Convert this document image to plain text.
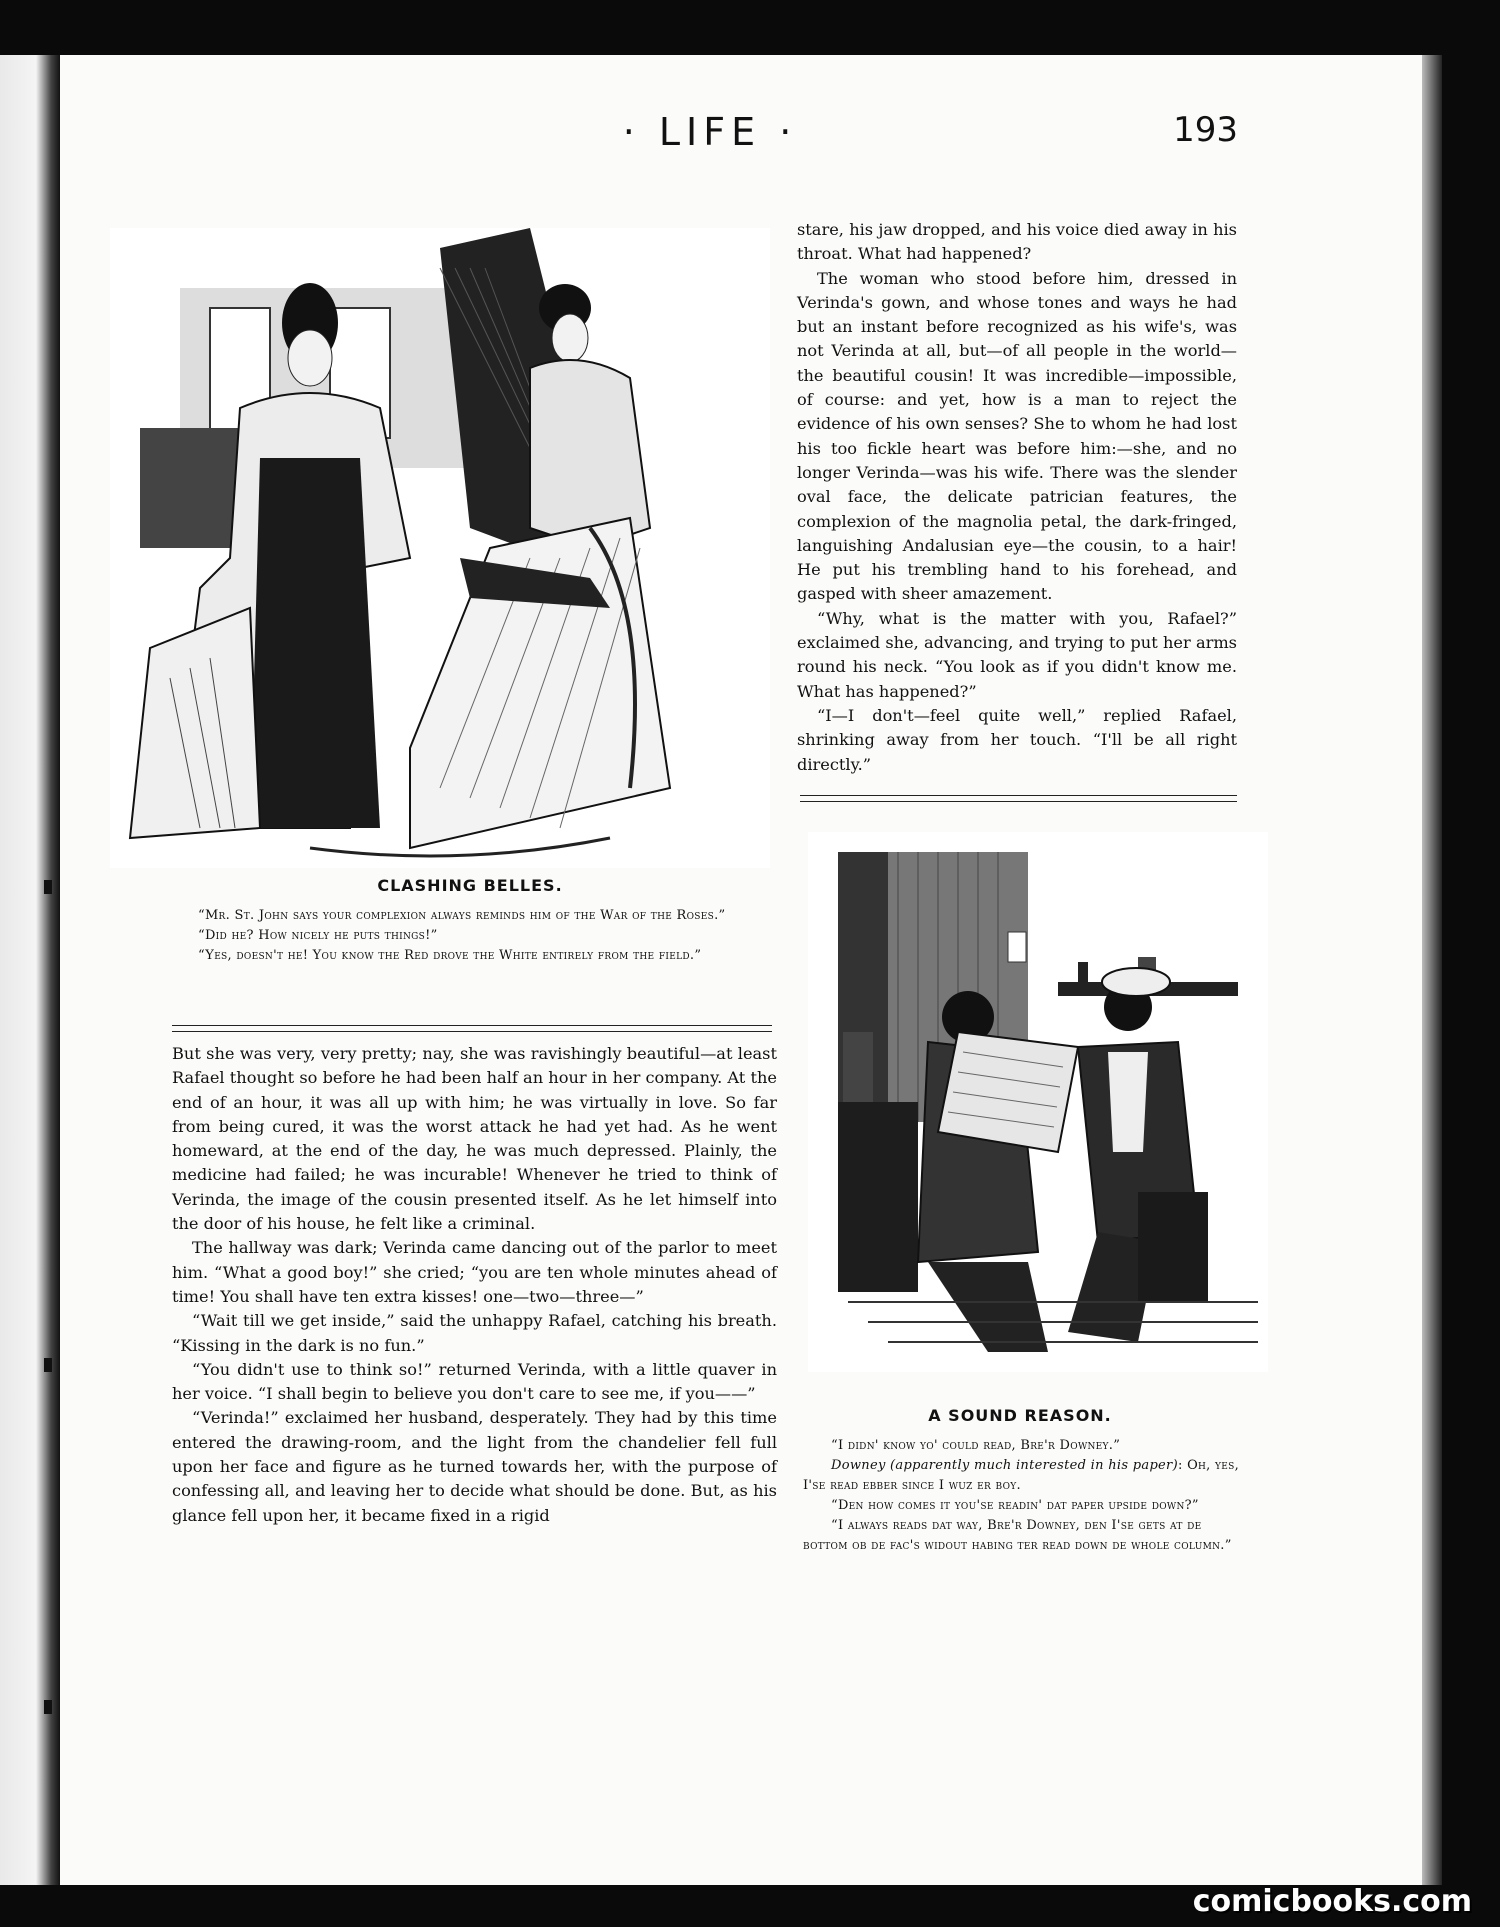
· LIFE ·	193
CLASHING BELLES.

“Mr. St. John says your complexion always reminds him of the War of the Roses.”

“Did he? How nicely he puts things!”

“Yes, doesn't he! You know the Red drove the White entirely from the field.”

But she was very, very pretty; nay, she was ravishingly beautiful—at least Rafael thought so before he had been half an hour in her company. At the end of an hour, it was all up with him; he was virtually in love. So far from being cured, it was the worst attack he had yet had. As he went homeward, at the end of the day, he was much depressed. Plainly, the medicine had failed; he was incurable! Whenever he tried to think of Verinda, the image of the cousin presented itself. As he let himself into the door of his house, he felt like a criminal.

The hallway was dark; Verinda came dancing out of the parlor to meet him. “What a good boy!” she cried; “you are ten whole minutes ahead of time! You shall have ten extra kisses! one—two—three—”

“Wait till we get inside,” said the unhappy Rafael, catching his breath. “Kissing in the dark is no fun.”

“You didn't use to think so!” returned Verinda, with a little quaver in her voice. “I shall begin to believe you don't care to see me, if you——”

“Verinda!” exclaimed her husband, desperately. They had by this time entered the drawing-room, and the light from the chandelier fell full upon her face and figure as he turned towards her, with the purpose of confessing all, and leaving her to decide what should be done. But, as his glance fell upon her, it became fixed in a rigid

stare, his jaw dropped, and his voice died away in his throat. What had happened?

The woman who stood before him, dressed in Verinda's gown, and whose tones and ways he had but an instant before recognized as his wife's, was not Verinda at all, but—of all people in the world—the beautiful cousin! It was incredible—impossible, of course: and yet, how is a man to reject the evidence of his own senses? She to whom he had lost his too fickle heart was before him:—she, and no longer Verinda—was his wife. There was the slender oval face, the delicate patrician features, the complexion of the magnolia petal, the dark-fringed, languishing Andalusian eye—the cousin, to a hair! He put his trembling hand to his forehead, and gasped with sheer amazement.

“Why, what is the matter with you, Rafael?” exclaimed she, advancing, and trying to put her arms round his neck. “You look as if you didn't know me. What has happened?”

“I—I don't—feel quite well,” replied Rafael, shrinking away from her touch. “I'll be all right directly.”

A SOUND REASON.

“I didn' know yo' could read, Bre'r Downey.”

Downey (apparently much interested in his paper): Oh, yes, I'se read ebber since I wuz er boy.

“Den how comes it you'se readin' dat paper upside down?”

“I always reads dat way, Bre'r Downey, den I'se gets at de bottom ob de fac's widout habing ter read down de whole column.”

comicbooks.com
